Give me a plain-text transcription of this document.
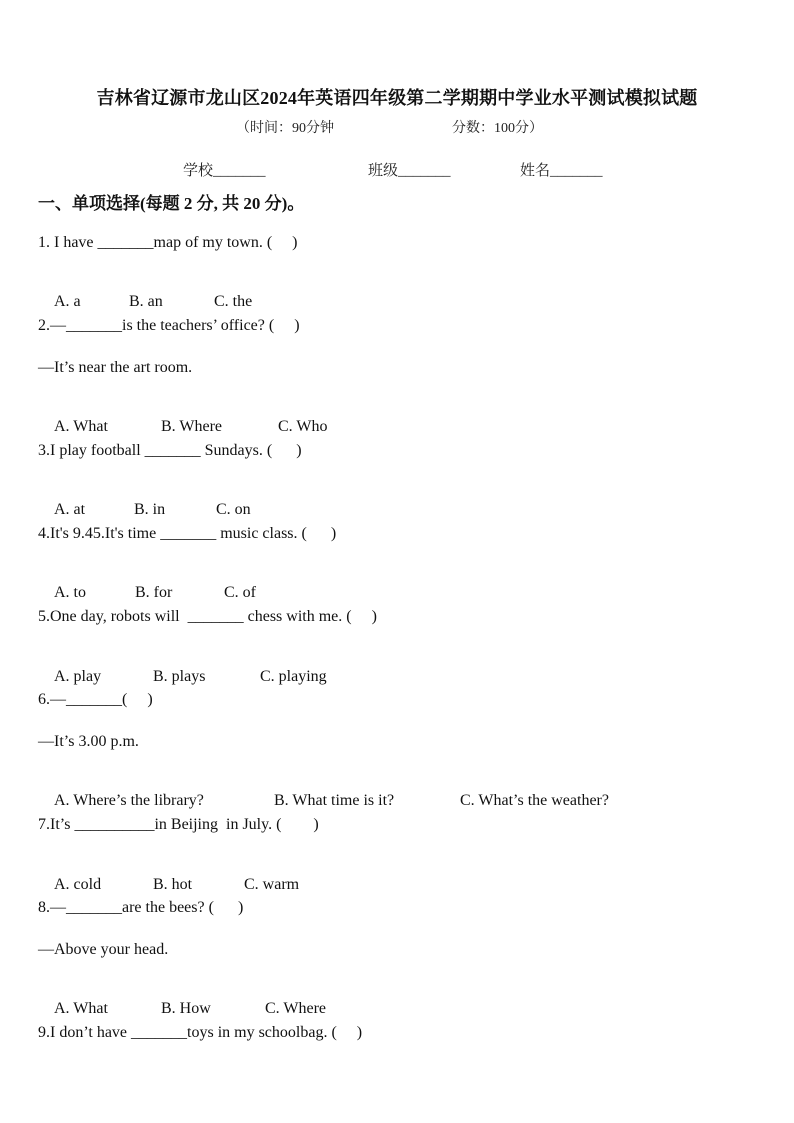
吉林省辽源市龙山区2024年英语四年级第二学期期中学业水平测试模拟试题
（时间：90分钟	分数：100分）
学校_______	班级_______	姓名_______
一、单项选择(每题 2 分, 共 20 分)。
1. I have _______map of my town. (     )

A. a	B. an	C. the

2.—_______is the teachers’ office? (     )
—It’s near the art room.

A. What	B. Where	C. Who

3.I play football _______ Sundays. (      )

A. at	B. in	C. on

4.It's 9.45.It's time _______ music class. (      )

A. to	B. for	C. of

5.One day, robots will  _______ chess with me. (     )

A. play	B. plays	C. playing

6.—_______(     )
—It’s 3.00 p.m.

A. Where’s the library?	B. What time is it?	C. What’s the weather?

7.It’s __________in Beijing  in July. (        )

A. cold	B. hot	C. warm

8.—_______are the bees? (      )
—Above your head.

A. What	B. How	C. Where

9.I don’t have _______toys in my schoolbag. (     )
